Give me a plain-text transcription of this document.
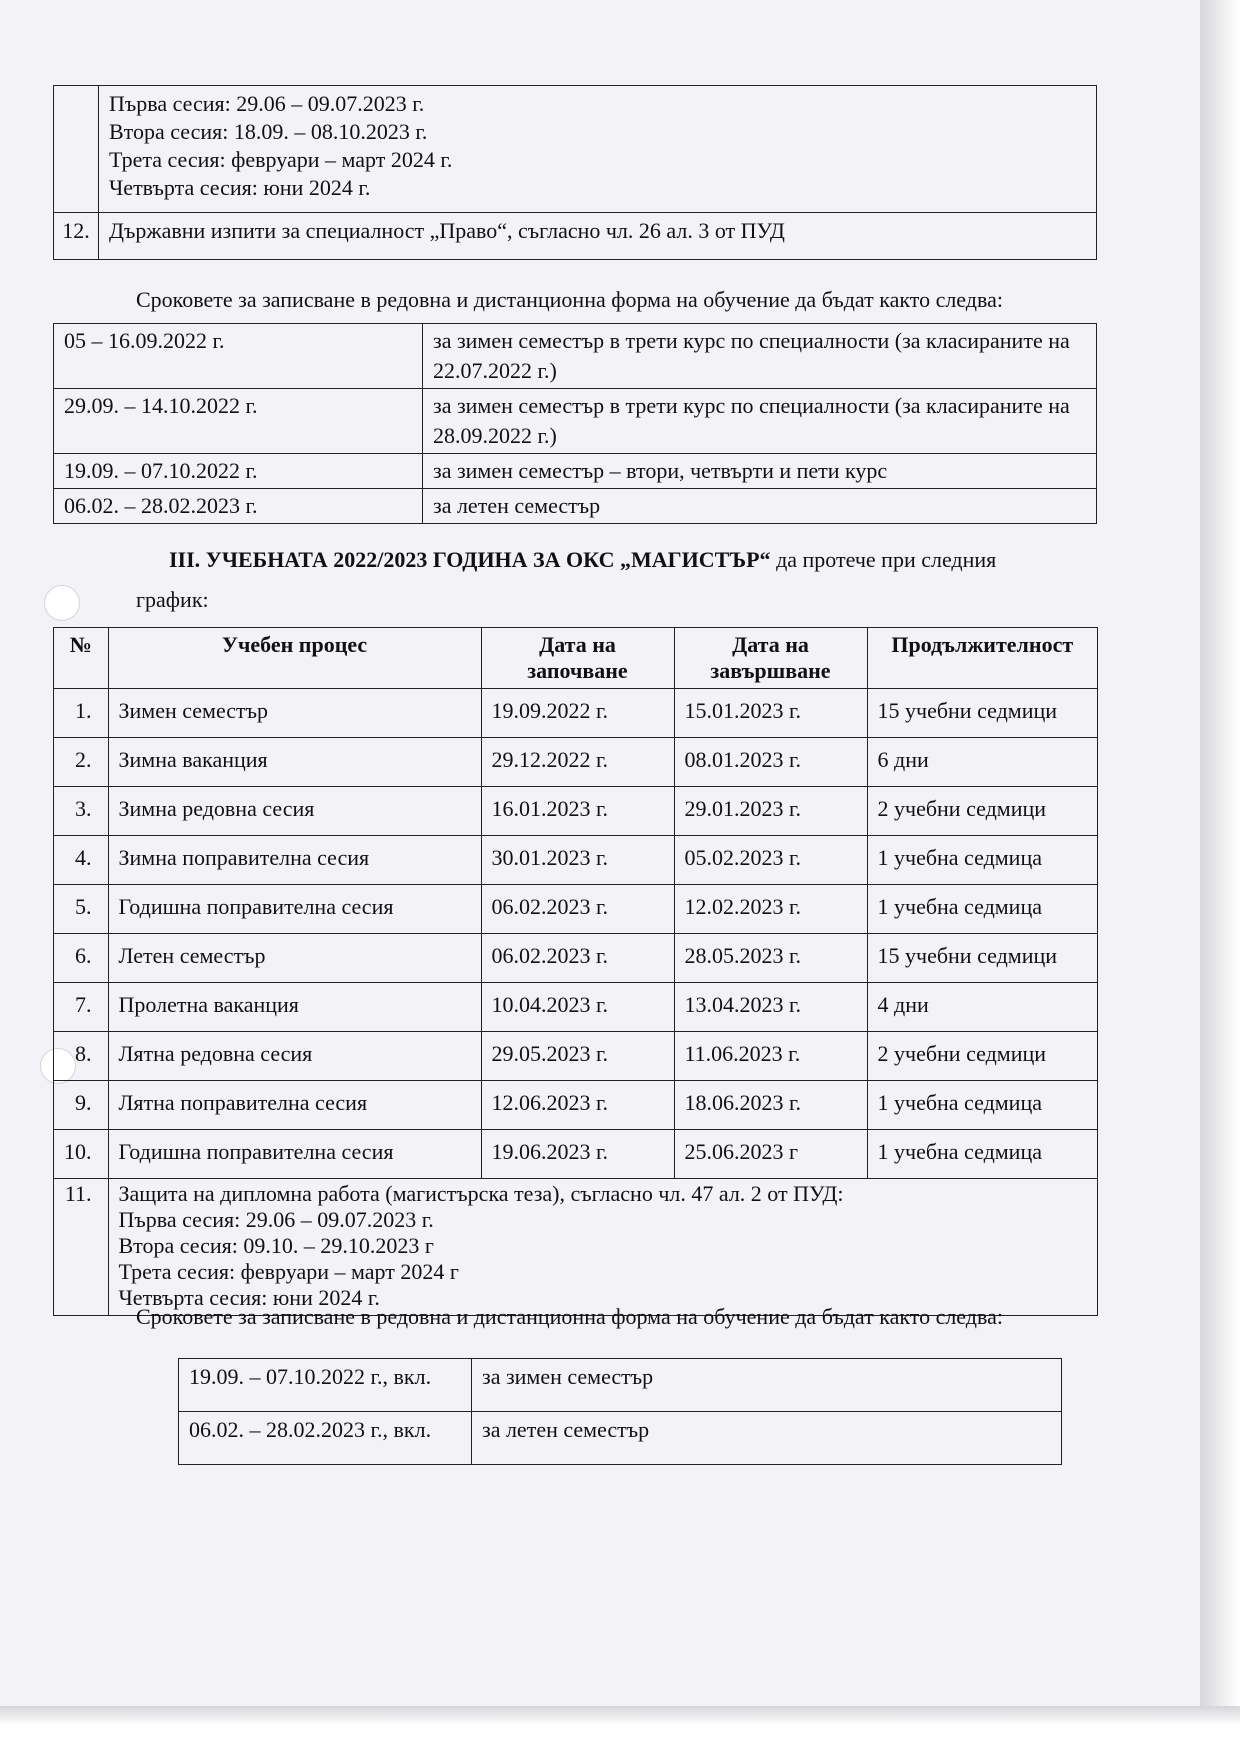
	Първа сесия: 29.06 – 09.07.2023 г.
Втора сесия: 18.09. – 08.10.2023 г.
Трета сесия: февруари – март 2024 г.
Четвърта сесия: юни 2024 г.

12.	Държавни изпити за специалност „Право“, съгласно чл. 26 ал. 3 от ПУД
Сроковете за записване в редовна и дистанционна форма на обучение да бъдат както следва:
05 – 16.09.2022 г.	за зимен семестър в трети курс по специалности (за класираните на 22.07.2022 г.)
29.09. – 14.10.2022 г.	за зимен семестър в трети курс по специалности (за класираните на 28.09.2022 г.)
19.09. – 07.10.2022 г.	за зимен семестър – втори, четвърти и пети курс
06.02. – 28.02.2023 г.	за летен семестър
III. УЧЕБНАТА 2022/2023 ГОДИНА ЗА ОКС „МАГИСТЪР“ да протече при следния
график:
№	Учебен процес	Дата на започване	Дата на завършване	Продължителност
1.	Зимен семестър	19.09.2022 г.	15.01.2023 г.	15 учебни седмици
2.	Зимна ваканция	29.12.2022 г.	08.01.2023 г.	6 дни
3.	Зимна редовна сесия	16.01.2023 г.	29.01.2023 г.	2 учебни седмици
4.	Зимна поправителна сесия	30.01.2023 г.	05.02.2023 г.	1 учебна седмица
5.	Годишна поправителна сесия	06.02.2023 г.	12.02.2023 г.	1 учебна седмица
6.	Летен семестър	06.02.2023 г.	28.05.2023 г.	15 учебни седмици
7.	Пролетна ваканция	10.04.2023 г.	13.04.2023 г.	4 дни
8.	Лятна редовна сесия	29.05.2023 г.	11.06.2023 г.	2 учебни седмици
9.	Лятна поправителна сесия	12.06.2023 г.	18.06.2023 г.	1 учебна седмица
10.	Годишна поправителна сесия	19.06.2023 г.	25.06.2023 г	1 учебна седмица
11.	Защита на дипломна работа (магистърска теза), съгласно чл. 47 ал. 2 от ПУД:
Първа сесия: 29.06 – 09.07.2023 г.
Втора сесия: 09.10. – 29.10.2023 г
Трета сесия: февруари – март 2024 г
Четвърта сесия: юни 2024 г.			
Сроковете за записване в редовна и дистанционна форма на обучение да бъдат както следва:
19.09. – 07.10.2022 г., вкл.	за зимен семестър
06.02. – 28.02.2023 г., вкл.	за летен семестър
